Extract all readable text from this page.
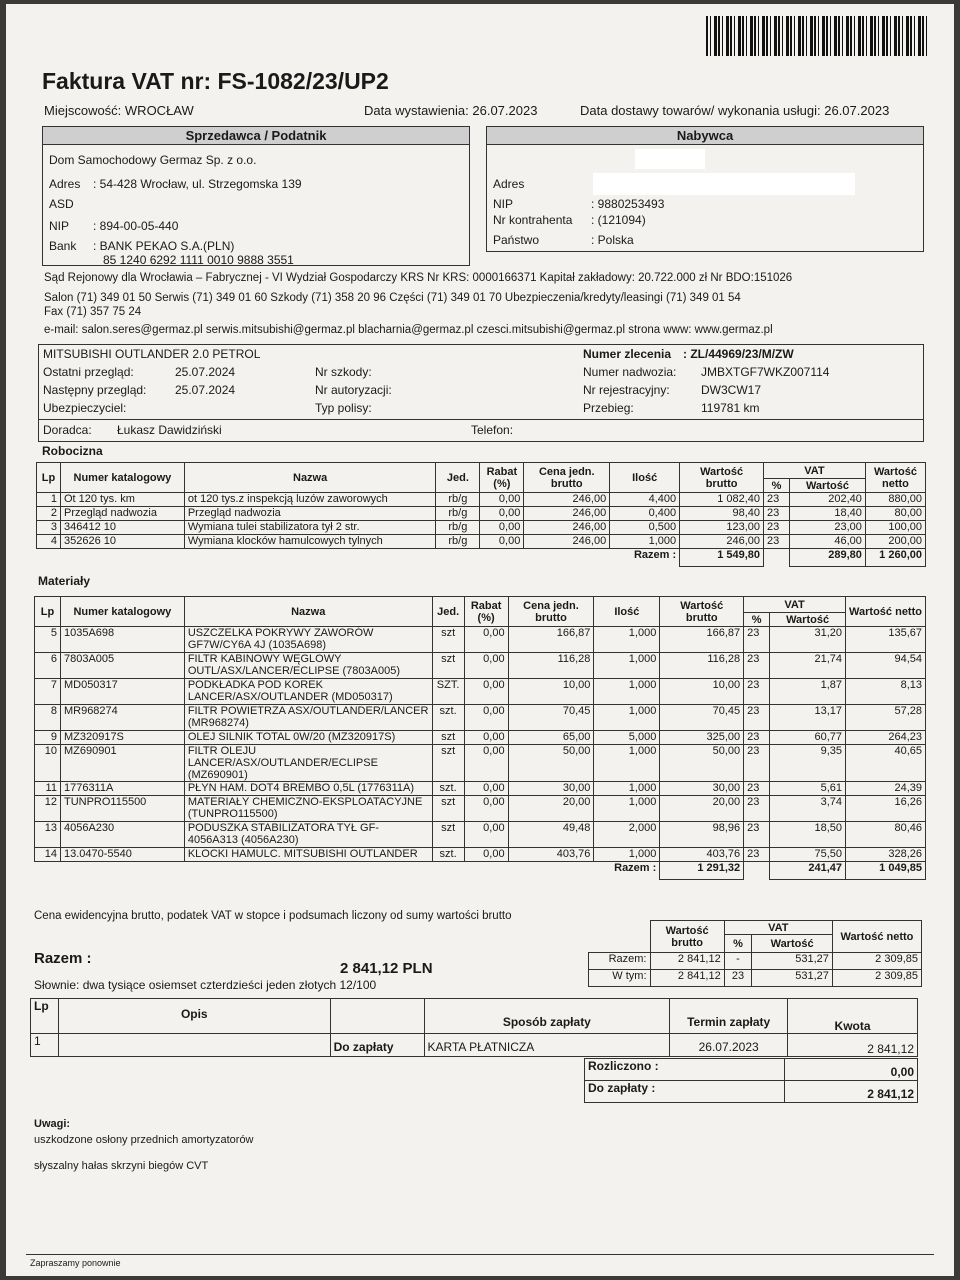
Faktura VAT nr: FS-1082/23/UP2
Miejscowość: WROCŁAW	Data wystawienia: 26.07.2023	Data dostawy towarów/ wykonania usługi: 26.07.2023
Sprzedawca / Podatnik
Dom Samochodowy Germaz Sp. z o.o.
Adres : 54-428 Wrocław, ul. Strzegomska 139
ASD
NIP : 894-00-05-440
Bank : BANK PEKAO S.A.(PLN)
85 1240 6292 1111 0010 9888 3551
Nabywca
Adres
NIP	: 9880253493
Nr kontrahenta : (121094)
Państwo	: Polska
Sąd Rejonowy dla Wrocławia – Fabrycznej - VI Wydział Gospodarczy KRS Nr KRS: 0000166371 Kapitał zakładowy: 20.722.000 zł Nr BDO:151026
Salon (71) 349 01 50 Serwis (71) 349 01 60 Szkody (71) 358 20 96 Części (71) 349 01 70 Ubezpieczenia/kredyty/leasingi (71) 349 01 54
Fax (71) 357 75 24
e-mail: salon.seres@germaz.pl serwis.mitsubishi@germaz.pl blacharnia@germaz.pl czesci.mitsubishi@germaz.pl strona www: www.germaz.pl
MITSUBISHI OUTLANDER 2.0 PETROL
Ostatni przegląd:	25.07.2024
Następny przegląd: 25.07.2024
Ubezpieczyciel:
Nr szkody:
Nr autoryzacji:
Typ polisy:
Numer zlecenia : ZL/44969/23/M/ZW
Numer nadwozia: JMBXTGF7WKZ007114
Nr rejestracyjny:	DW3CW17
Przebieg:	119781 km
Doradca: Łukasz Dawidziński	Telefon:
Robocizna
Lp	Numer katalogowy	Nazwa	Jed.	Rabat (%)	Cena jedn. brutto	Ilość	Wartość brutto	VAT		Wartość netto
								%	Wartość	
1	Ot 120 tys. km	ot 120 tys.z inspekcją luzów zaworowych	rb/g	0,00	246,00	4,400	1 082,40	23	202,40	880,00
2	Przegląd nadwozia	Przegląd nadwozia	rb/g	0,00	246,00	0,400	98,40	23	18,40	80,00
3	346412 10	Wymiana tulei stabilizatora tył 2 str.	rb/g	0,00	246,00	0,500	123,00	23	23,00	100,00
4	352626 10	Wymiana klocków hamulcowych tylnych	rb/g	0,00	246,00	1,000	246,00	23	46,00	200,00
						Razem :	1 549,80		289,80	1 260,00
Materiały
Lp	Numer katalogowy	Nazwa	Jed.	Rabat (%)	Cena jedn. brutto	Ilość	Wartość brutto	VAT		Wartość netto
								%	Wartość	
5	1035A698	USZCZELKA POKRYWY ZAWORÓW GF7W/CY6A 4J (1035A698)	szt	0,00	166,87	1,000	166,87	23	31,20	135,67
6	7803A005	FILTR KABINOWY WĘGLOWY OUTL/ASX/LANCER/ECLIPSE (7803A005)	szt	0,00	116,28	1,000	116,28	23	21,74	94,54
7	MD050317	PODKŁADKA POD KOREK LANCER/ASX/OUTLANDER (MD050317)	SZT.	0,00	10,00	1,000	10,00	23	1,87	8,13
8	MR968274	FILTR POWIETRZA ASX/OUTLANDER/LANCER (MR968274)	szt.	0,00	70,45	1,000	70,45	23	13,17	57,28
9	MZ320917S	OLEJ SILNIK TOTAL 0W/20 (MZ320917S)	szt	0,00	65,00	5,000	325,00	23	60,77	264,23
10	MZ690901	FILTR OLEJU LANCER/ASX/OUTLANDER/ECLIPSE (MZ690901)	szt	0,00	50,00	1,000	50,00	23	9,35	40,65
11	1776311A	PŁYN HAM. DOT4 BREMBO 0,5L (1776311A)	szt.	0,00	30,00	1,000	30,00	23	5,61	24,39
12	TUNPRO115500	MATERIAŁY CHEMICZNO-EKSPLOATACYJNE (TUNPRO115500)	szt	0,00	20,00	1,000	20,00	23	3,74	16,26
13	4056A230	PODUSZKA STABILIZATORA TYŁ GF-4056A313 (4056A230)	szt	0,00	49,48	2,000	98,96	23	18,50	80,46
14	13.0470-5540	KLOCKI HAMULC. MITSUBISHI OUTLANDER	szt.	0,00	403,76	1,000	403,76	23	75,50	328,26
						Razem :	1 291,32		241,47	1 049,85
Cena ewidencyjna brutto, podatek VAT w stopce i podsumach liczony od sumy wartości brutto
Razem :
2 841,12 PLN
Słownie: dwa tysiące osiemset czterdzieści jeden złotych 12/100
	Wartość brutto	VAT		Wartość netto
		%	Wartość	
Razem:	2 841,12	-	531,27	2 309,85
W tym:	2 841,12	23	531,27	2 309,85
Lp	Opis		Sposób zapłaty	Termin zapłaty	Kwota
1		Do zapłaty	KARTA PŁATNICZA	26.07.2023	2 841,12
Rozliczono :	0,00
Do zapłaty :	2 841,12
Uwagi:
uszkodzone osłony przednich amortyzatorów
słyszalny hałas skrzyni biegów CVT
Zapraszamy ponownie
